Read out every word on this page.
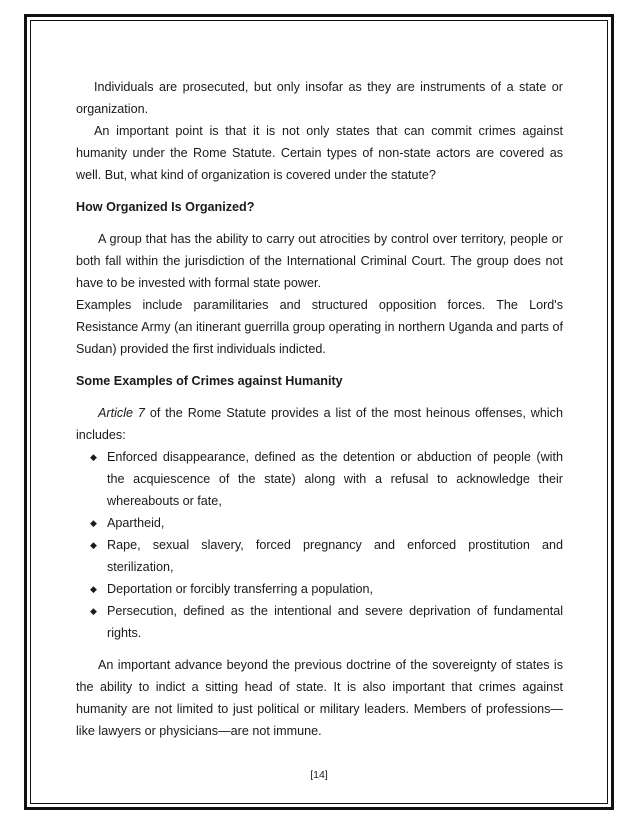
Individuals are prosecuted, but only insofar as they are instruments of a state or organization.

An important point is that it is not only states that can commit crimes against humanity under the Rome Statute. Certain types of non-state actors are covered as well. But, what kind of organization is covered under the statute?

How Organized Is Organized?

A group that has the ability to carry out atrocities by control over territory, people or both fall within the jurisdiction of the International Criminal Court. The group does not have to be invested with formal state power.

Examples include paramilitaries and structured opposition forces. The Lord's Resistance Army (an itinerant guerrilla group operating in northern Uganda and parts of Sudan) provided the first individuals indicted.

Some Examples of Crimes against Humanity

Article 7 of the Rome Statute provides a list of the most heinous offenses, which includes:

◆ Enforced disappearance, defined as the detention or abduction of people (with the acquiescence of the state) along with a refusal to acknowledge their whereabouts or fate,
◆ Apartheid,
◆ Rape, sexual slavery, forced pregnancy and enforced prostitution and sterilization,
◆ Deportation or forcibly transferring a population,
◆ Persecution, defined as the intentional and severe deprivation of fundamental rights.

An important advance beyond the previous doctrine of the sovereignty of states is the ability to indict a sitting head of state. It is also important that crimes against humanity are not limited to just political or military leaders. Members of professions—like lawyers or physicians—are not immune.

[14]
